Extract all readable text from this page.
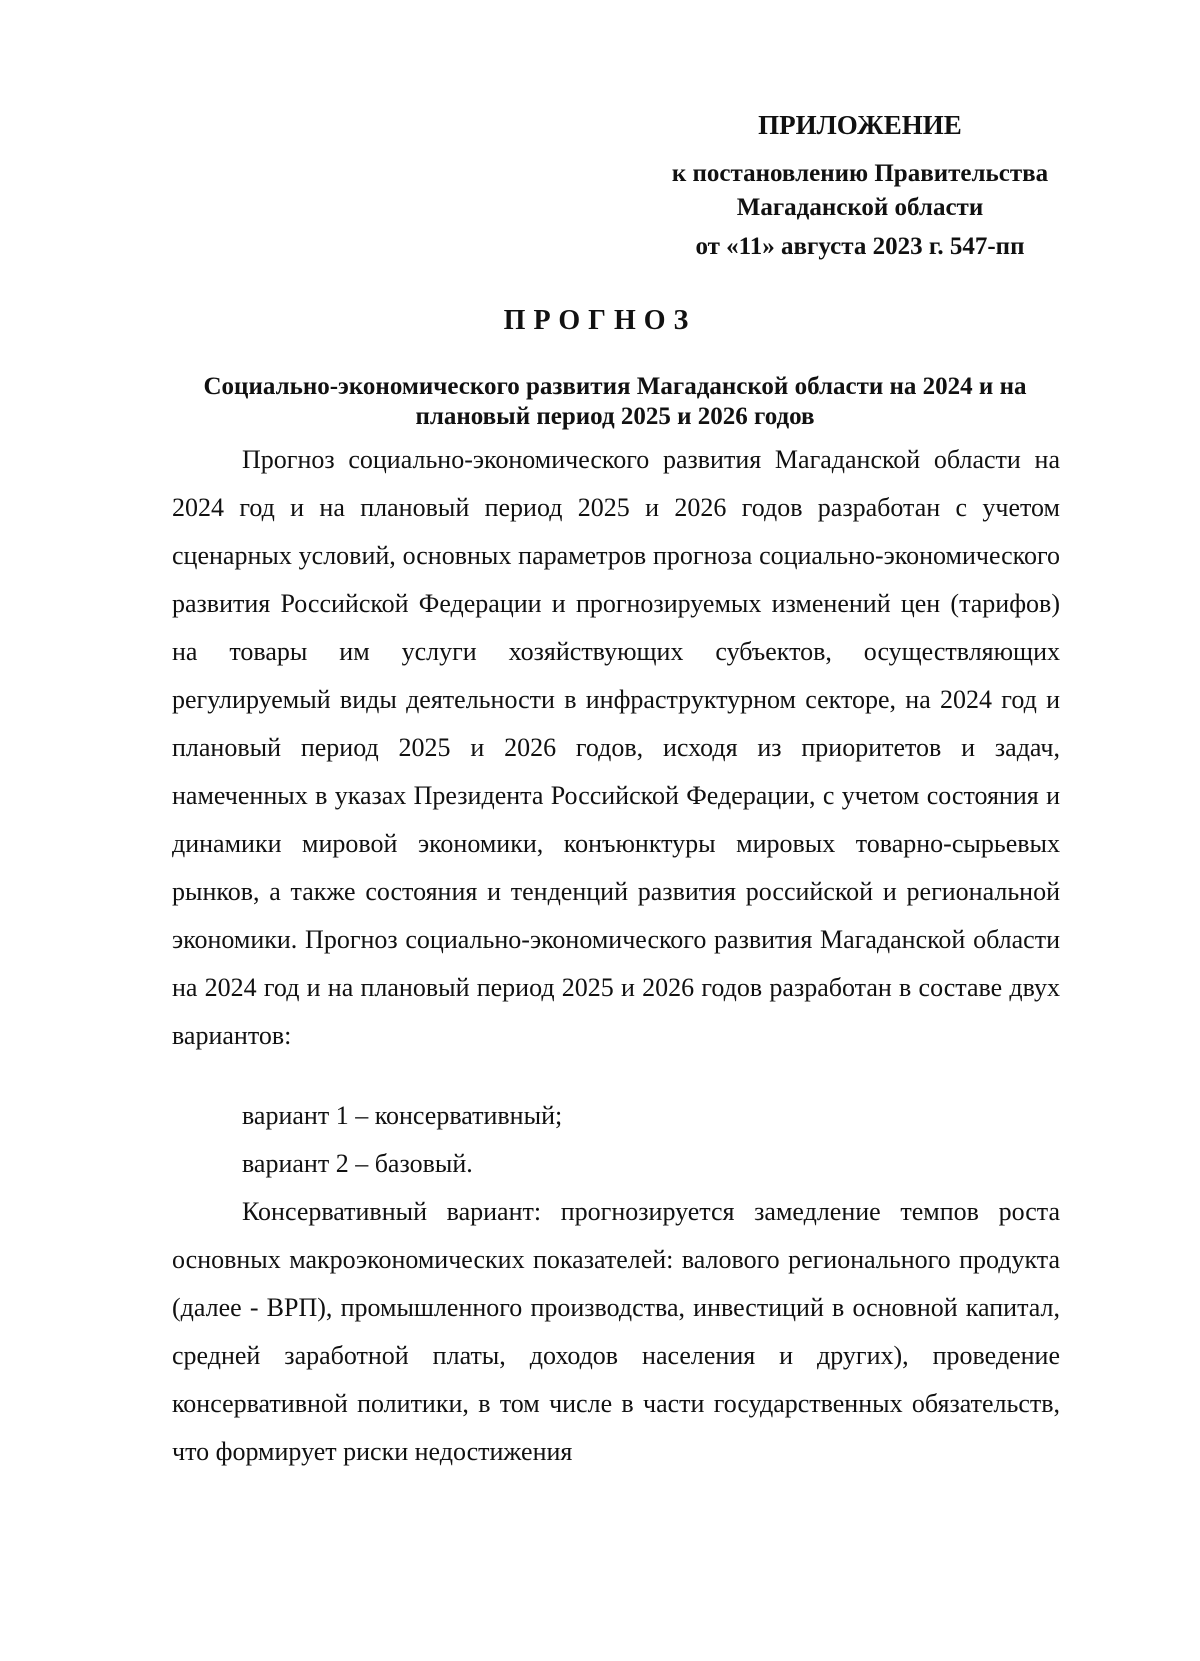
ПРИЛОЖЕНИЕ
к постановлению Правительства Магаданской области
от «11» августа 2023 г. 547-пп
ПРОГНОЗ
Социально-экономического развития Магаданской области на 2024 и на плановый период 2025 и 2026 годов

Прогноз социально-экономического развития Магаданской области на 2024 год и на плановый период 2025 и 2026 годов разработан с учетом сценарных условий, основных параметров прогноза социально-экономического развития Российской Федерации и прогнозируемых изменений цен (тарифов) на товары им услуги хозяйствующих субъектов, осуществляющих регулируемый виды деятельности в инфраструктурном секторе, на 2024 год и плановый период 2025 и 2026 годов, исходя из приоритетов и задач, намеченных в указах Президента Российской Федерации, с учетом состояния и динамики мировой экономики, конъюнктуры мировых товарно-сырьевых рынков, а также состояния и тенденций развития российской и региональной экономики. Прогноз социально-экономического развития Магаданской области на 2024 год и на плановый период 2025 и 2026 годов разработан в составе двух вариантов:

вариант 1 – консервативный;

вариант 2 – базовый.

Консервативный вариант: прогнозируется замедление темпов роста основных макроэкономических показателей: валового регионального продукта (далее - ВРП), промышленного производства, инвестиций в основной капитал, средней заработной платы, доходов населения и других), проведение консервативной политики, в том числе в части государственных обязательств, что формирует риски недостижения
